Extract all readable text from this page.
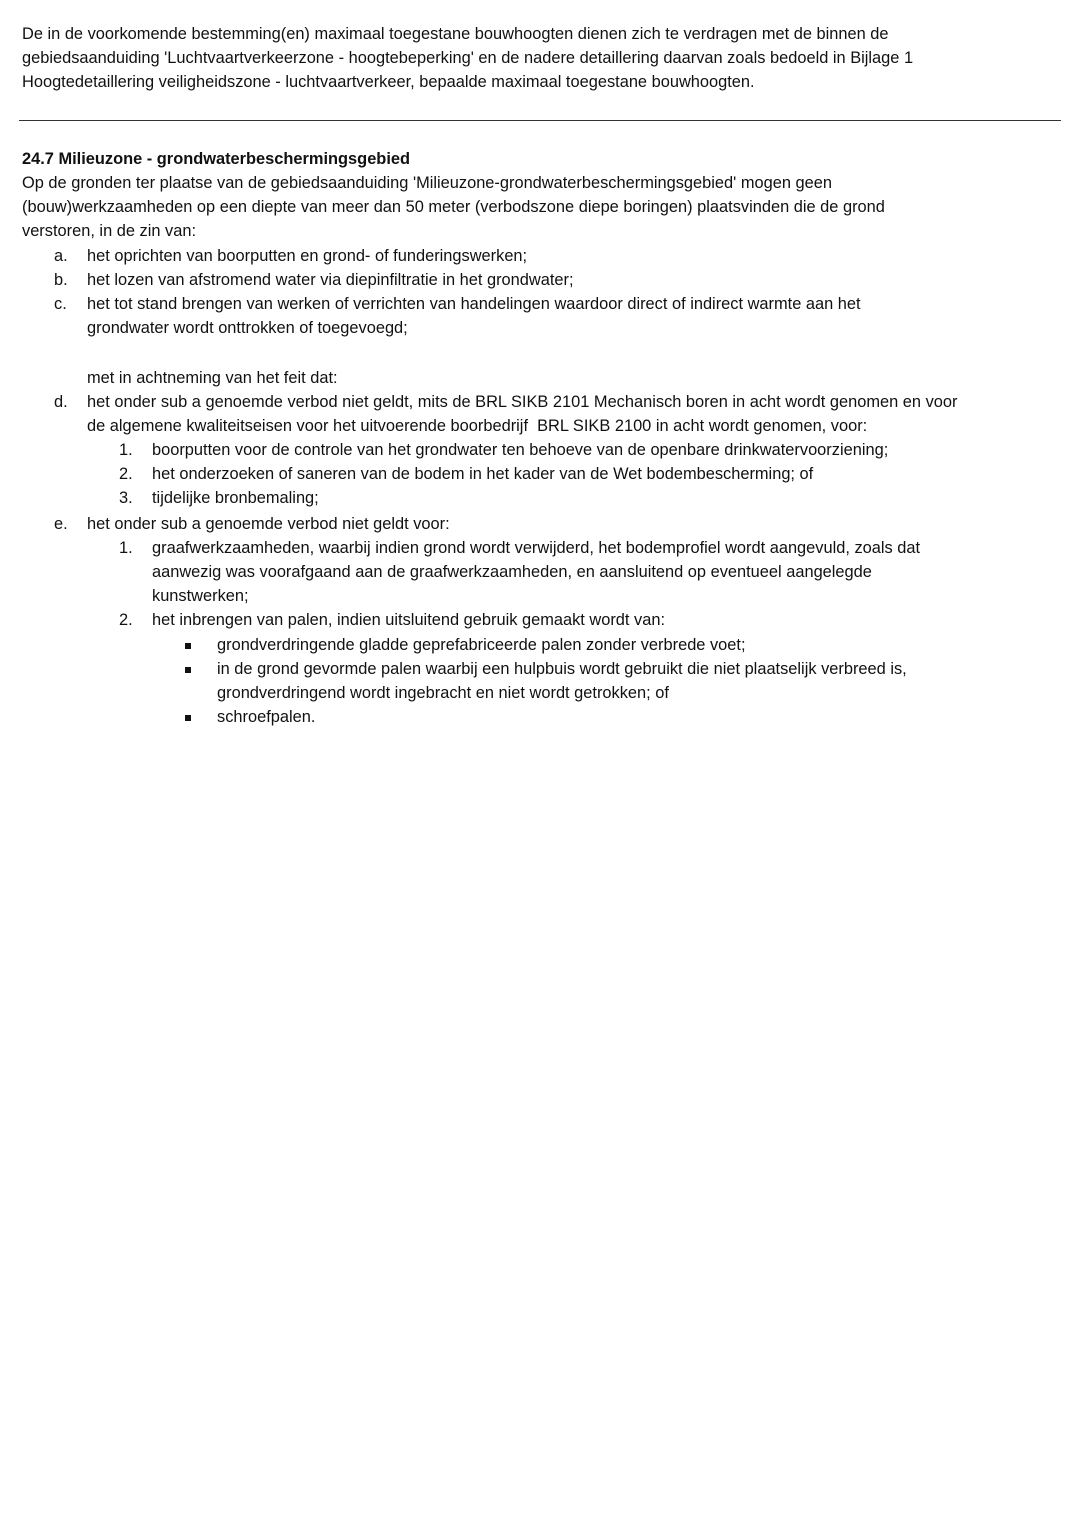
De in de voorkomende bestemming(en) maximaal toegestane bouwhoogten dienen zich te verdragen met de binnen de
gebiedsaanduiding 'Luchtvaartverkeerzone - hoogtebeperking' en de nadere detaillering daarvan zoals bedoeld in Bijlage 1
Hoogtedetaillering veiligheidszone - luchtvaartverkeer, bepaalde maximaal toegestane bouwhoogten.
24.7 Milieuzone - grondwaterbeschermingsgebied
Op de gronden ter plaatse van de gebiedsaanduiding 'Milieuzone-grondwaterbeschermingsgebied' mogen geen
(bouw)werkzaamheden op een diepte van meer dan 50 meter (verbodszone diepe boringen) plaatsvinden die de grond
verstoren, in de zin van:
a. het oprichten van boorputten en grond- of funderingswerken;
b. het lozen van afstromend water via diepinfiltratie in het grondwater;
c. het tot stand brengen van werken of verrichten van handelingen waardoor direct of indirect warmte aan het
grondwater wordt onttrokken of toegevoegd;
met in achtneming van het feit dat:
d. het onder sub a genoemde verbod niet geldt, mits de BRL SIKB 2101 Mechanisch boren in acht wordt genomen en voor
de algemene kwaliteitseisen voor het uitvoerende boorbedrijf  BRL SIKB 2100 in acht wordt genomen, voor:
1. boorputten voor de controle van het grondwater ten behoeve van de openbare drinkwatervoorziening;
2. het onderzoeken of saneren van de bodem in het kader van de Wet bodembescherming; of
3. tijdelijke bronbemaling;
e. het onder sub a genoemde verbod niet geldt voor:
1. graafwerkzaamheden, waarbij indien grond wordt verwijderd, het bodemprofiel wordt aangevuld, zoals dat
aanwezig was voorafgaand aan de graafwerkzaamheden, en aansluitend op eventueel aangelegde
kunstwerken;
2. het inbrengen van palen, indien uitsluitend gebruik gemaakt wordt van:
grondverdringende gladde geprefabriceerde palen zonder verbrede voet;
in de grond gevormde palen waarbij een hulpbuis wordt gebruikt die niet plaatselijk verbreed is,
grondverdringend wordt ingebracht en niet wordt getrokken; of
schroefpalen.
